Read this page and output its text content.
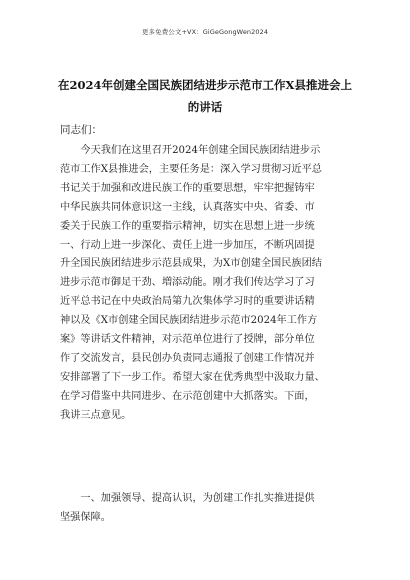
更多免费公文+VX：GiGeGongWen2024
在2024年创建全国民族团结进步示范市工作X县推进会上
的讲话
同志们：
今天我们在这里召开2024年创建全国民族团结进步示
范市工作X县推进会，主要任务是：深入学习贯彻习近平总
书记关于加强和改进民族工作的重要思想，牢牢把握铸牢
中华民族共同体意识这一主线，认真落实中央、省委、市
委关于民族工作的重要指示精神，切实在思想上进一步统
一、行动上进一步深化、责任上进一步加压，不断巩固提
升全国民族团结进步示范县成果，为X市创建全国民族团结
进步示范市御足干劲、増添动能。刚才我们传达学习了习
近平总书记在中央政治局第九次集体学习时的重要讲话精
神以及《X市创建全国民族团结进步示范市2024年工作方
案》等讲话文件精神，对示范单位进行了授牌，部分单位
作了交流发言，县民创办负责同志通报了创建工作情况并
安排部署了下一步工作。希望大家在优秀典型中汲取力量、
在学习借鉴中共同进步、在示范创建中大抓落实。下面，
我讲三点意见。
一、加强领导、提高认识，为创建工作扎实推进提供
坚强保障。
